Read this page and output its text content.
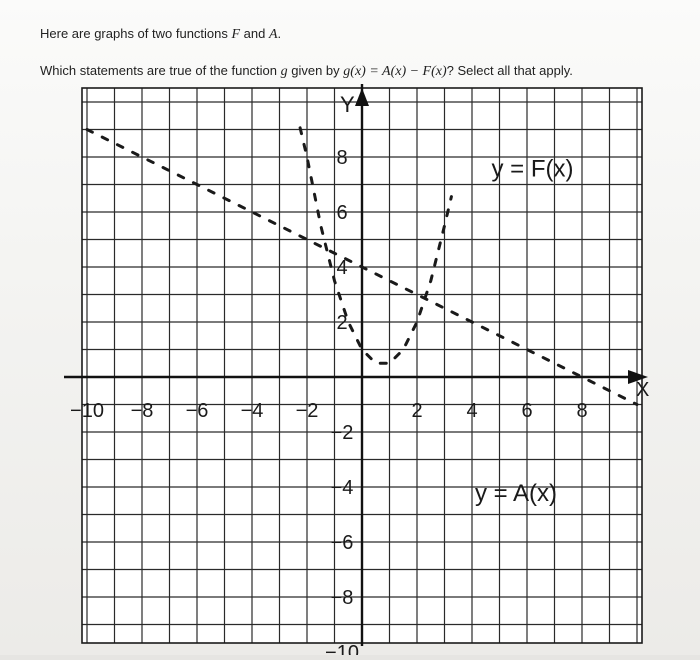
Here are graphs of two functions F and A.

Which statements are true of the function g given by g(x) = A(x) − F(x)? Select all that apply.

X
Y
−10 −8 −6 −4 −2	2 4 6 8
8
6
4
2
−2
−4
−6
−8
−10
y = F(x)
y = A(x)
